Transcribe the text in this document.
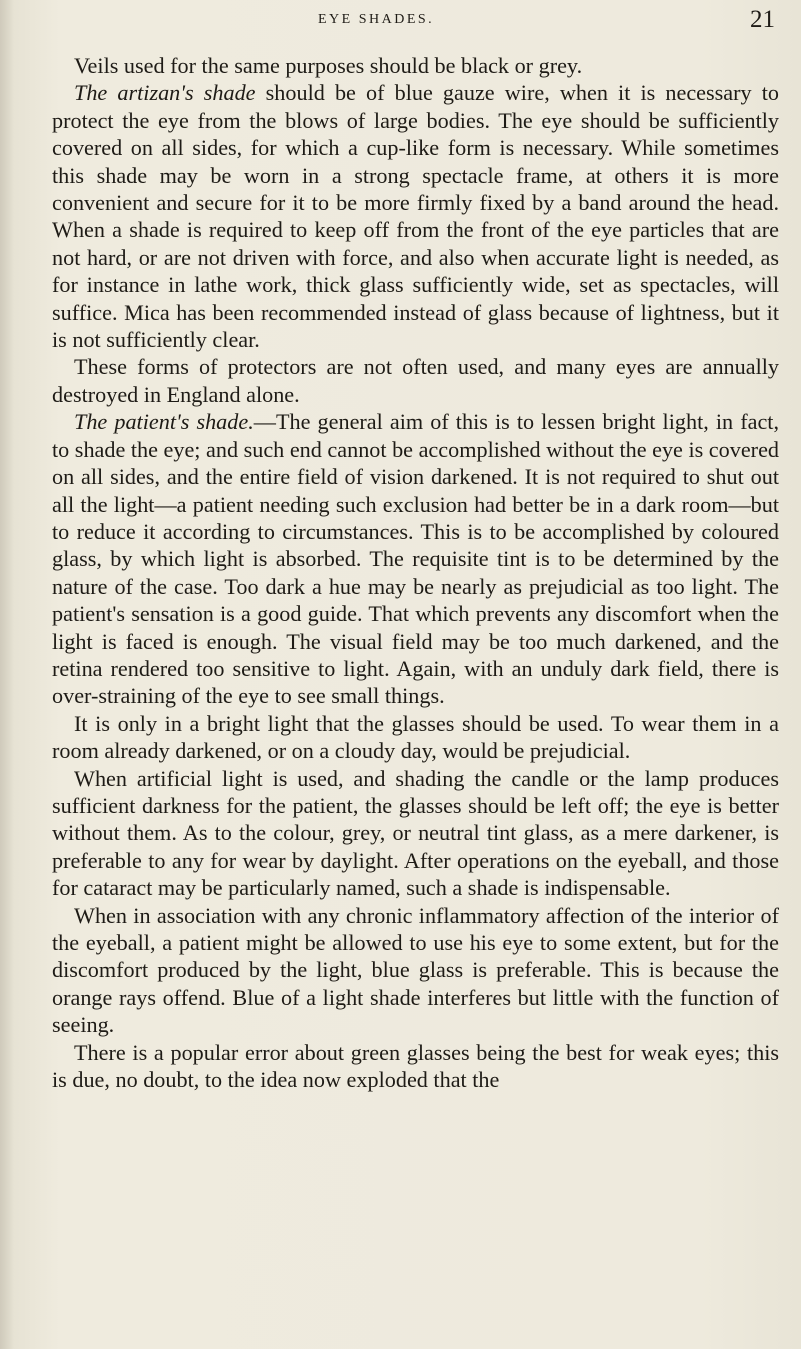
EYE SHADES.	21

Veils used for the same purposes should be black or grey.

The artizan's shade should be of blue gauze wire, when it is necessary to protect the eye from the blows of large bodies. The eye should be sufficiently covered on all sides, for which a cup-like form is necessary. While sometimes this shade may be worn in a strong spectacle frame, at others it is more convenient and secure for it to be more firmly fixed by a band around the head. When a shade is required to keep off from the front of the eye particles that are not hard, or are not driven with force, and also when accurate light is needed, as for instance in lathe work, thick glass sufficiently wide, set as spectacles, will suffice. Mica has been recommended instead of glass because of lightness, but it is not sufficiently clear.

These forms of protectors are not often used, and many eyes are annually destroyed in England alone.

The patient's shade.—The general aim of this is to lessen bright light, in fact, to shade the eye; and such end cannot be accomplished without the eye is covered on all sides, and the entire field of vision darkened. It is not required to shut out all the light—a patient needing such exclusion had better be in a dark room—but to reduce it according to circumstances. This is to be accomplished by coloured glass, by which light is absorbed. The requisite tint is to be determined by the nature of the case. Too dark a hue may be nearly as prejudicial as too light. The patient's sensation is a good guide. That which prevents any discomfort when the light is faced is enough. The visual field may be too much darkened, and the retina rendered too sensitive to light. Again, with an unduly dark field, there is over-straining of the eye to see small things.

It is only in a bright light that the glasses should be used. To wear them in a room already darkened, or on a cloudy day, would be prejudicial.

When artificial light is used, and shading the candle or the lamp produces sufficient darkness for the patient, the glasses should be left off; the eye is better without them. As to the colour, grey, or neutral tint glass, as a mere darkener, is preferable to any for wear by daylight. After operations on the eyeball, and those for cataract may be particularly named, such a shade is indispensable.

When in association with any chronic inflammatory affection of the interior of the eyeball, a patient might be allowed to use his eye to some extent, but for the discomfort produced by the light, blue glass is preferable. This is because the orange rays offend. Blue of a light shade interferes but little with the function of seeing.

There is a popular error about green glasses being the best for weak eyes; this is due, no doubt, to the idea now exploded that the
